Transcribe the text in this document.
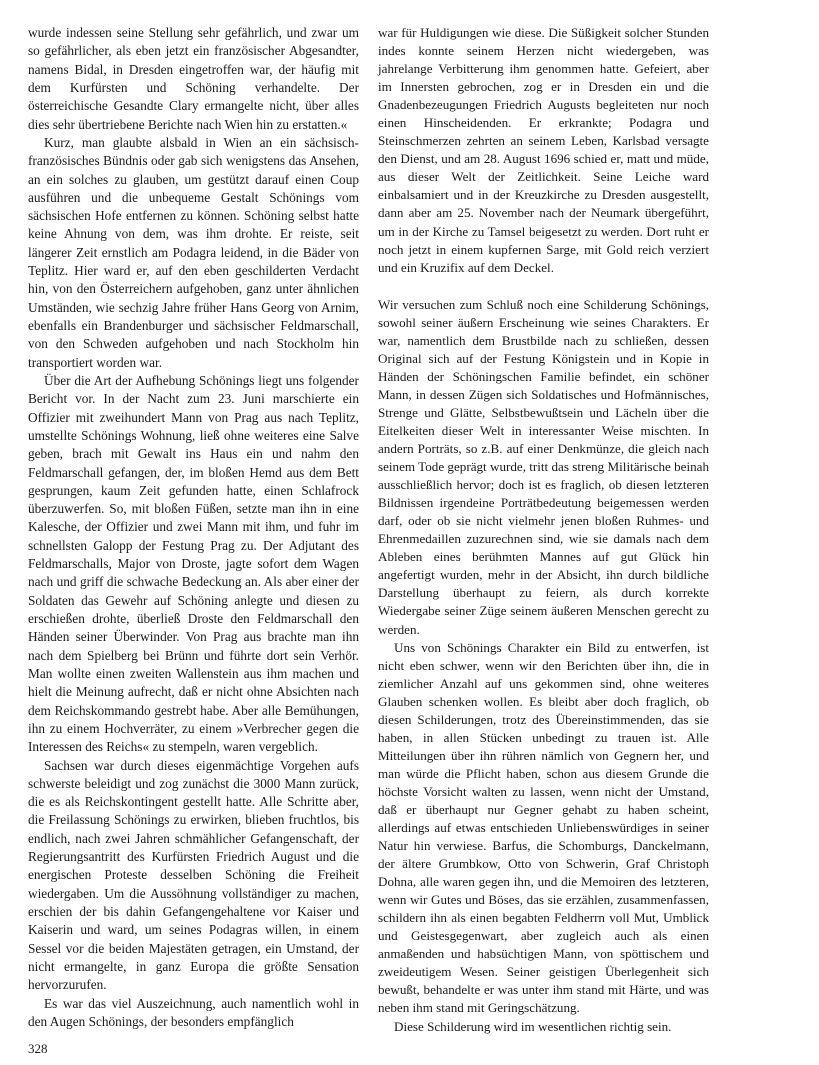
wurde indessen seine Stellung sehr gefährlich, und zwar um so gefährlicher, als eben jetzt ein französischer Abgesandter, namens Bidal, in Dresden eingetroffen war, der häufig mit dem Kurfürsten und Schöning verhandelte. Der österreichische Gesandte Clary ermangelte nicht, über alles dies sehr übertriebene Berichte nach Wien hin zu erstatten.«

Kurz, man glaubte alsbald in Wien an ein sächsisch-französisches Bündnis oder gab sich wenigstens das Ansehen, an ein solches zu glauben, um gestützt darauf einen Coup ausführen und die unbequeme Gestalt Schönings vom sächsischen Hofe entfernen zu können. Schöning selbst hatte keine Ahnung von dem, was ihm drohte. Er reiste, seit längerer Zeit ernstlich am Podagra leidend, in die Bäder von Teplitz. Hier ward er, auf den eben geschilderten Verdacht hin, von den Österreichern aufgehoben, ganz unter ähnlichen Umständen, wie sechzig Jahre früher Hans Georg von Arnim, ebenfalls ein Brandenburger und sächsischer Feldmarschall, von den Schweden aufgehoben und nach Stockholm hin transportiert worden war.

Über die Art der Aufhebung Schönings liegt uns folgender Bericht vor. In der Nacht zum 23. Juni marschierte ein Offizier mit zweihundert Mann von Prag aus nach Teplitz, umstellte Schönings Wohnung, ließ ohne weiteres eine Salve geben, brach mit Gewalt ins Haus ein und nahm den Feldmarschall gefangen, der, im bloßen Hemd aus dem Bett gesprungen, kaum Zeit gefunden hatte, einen Schlafrock überzuwerfen. So, mit bloßen Füßen, setzte man ihn in eine Kalesche, der Offizier und zwei Mann mit ihm, und fuhr im schnellsten Galopp der Festung Prag zu. Der Adjutant des Feldmarschalls, Major von Droste, jagte sofort dem Wagen nach und griff die schwache Bedeckung an. Als aber einer der Soldaten das Gewehr auf Schöning anlegte und diesen zu erschießen drohte, überließ Droste den Feldmarschall den Händen seiner Überwinder. Von Prag aus brachte man ihn nach dem Spielberg bei Brünn und führte dort sein Verhör. Man wollte einen zweiten Wallenstein aus ihm machen und hielt die Meinung aufrecht, daß er nicht ohne Absichten nach dem Reichskommando gestrebt habe. Aber alle Bemühungen, ihn zu einem Hochverräter, zu einem »Verbrecher gegen die Interessen des Reichs« zu stempeln, waren vergeblich.

Sachsen war durch dieses eigenmächtige Vorgehen aufs schwerste beleidigt und zog zunächst die 3000 Mann zurück, die es als Reichskontingent gestellt hatte. Alle Schritte aber, die Freilassung Schönings zu erwirken, blieben fruchtlos, bis endlich, nach zwei Jahren schmählicher Gefangenschaft, der Regierungsantritt des Kurfürsten Friedrich August und die energischen Proteste desselben Schöning die Freiheit wiedergaben. Um die Aussöhnung vollständiger zu machen, erschien der bis dahin Gefangengehaltene vor Kaiser und Kaiserin und ward, um seines Podagras willen, in einem Sessel vor die beiden Majestäten getragen, ein Umstand, der nicht ermangelte, in ganz Europa die größte Sensation hervorzurufen.

Es war das viel Auszeichnung, auch namentlich wohl in den Augen Schönings, der besonders empfänglich

war für Huldigungen wie diese. Die Süßigkeit solcher Stunden indes konnte seinem Herzen nicht wiedergeben, was jahrelange Verbitterung ihm genommen hatte. Gefeiert, aber im Innersten gebrochen, zog er in Dresden ein und die Gnadenbezeugungen Friedrich Augusts begleiteten nur noch einen Hinscheidenden. Er erkrankte; Podagra und Steinschmerzen zehrten an seinem Leben, Karlsbad versagte den Dienst, und am 28. August 1696 schied er, matt und müde, aus dieser Welt der Zeitlichkeit. Seine Leiche ward einbalsamiert und in der Kreuzkirche zu Dresden ausgestellt, dann aber am 25. November nach der Neumark übergeführt, um in der Kirche zu Tamsel beigesetzt zu werden. Dort ruht er noch jetzt in einem kupfernen Sarge, mit Gold reich verziert und ein Kruzifix auf dem Deckel.

Wir versuchen zum Schluß noch eine Schilderung Schönings, sowohl seiner äußern Erscheinung wie seines Charakters. Er war, namentlich dem Brustbilde nach zu schließen, dessen Original sich auf der Festung Königstein und in Kopie in Händen der Schöningschen Familie befindet, ein schöner Mann, in dessen Zügen sich Soldatisches und Hofmännisches, Strenge und Glätte, Selbstbewußtsein und Lächeln über die Eitelkeiten dieser Welt in interessanter Weise mischten. In andern Porträts, so z.B. auf einer Denkmünze, die gleich nach seinem Tode geprägt wurde, tritt das streng Militärische beinah ausschließlich hervor; doch ist es fraglich, ob diesen letzteren Bildnissen irgendeine Porträtbedeutung beigemessen werden darf, oder ob sie nicht vielmehr jenen bloßen Ruhmes- und Ehrenmedaillen zuzurechnen sind, wie sie damals nach dem Ableben eines berühmten Mannes auf gut Glück hin angefertigt wurden, mehr in der Absicht, ihn durch bildliche Darstellung überhaupt zu feiern, als durch korrekte Wiedergabe seiner Züge seinem äußeren Menschen gerecht zu werden.

Uns von Schönings Charakter ein Bild zu entwerfen, ist nicht eben schwer, wenn wir den Berichten über ihn, die in ziemlicher Anzahl auf uns gekommen sind, ohne weiteres Glauben schenken wollen. Es bleibt aber doch fraglich, ob diesen Schilderungen, trotz des Übereinstimmenden, das sie haben, in allen Stücken unbedingt zu trauen ist. Alle Mitteilungen über ihn rühren nämlich von Gegnern her, und man würde die Pflicht haben, schon aus diesem Grunde die höchste Vorsicht walten zu lassen, wenn nicht der Umstand, daß er überhaupt nur Gegner gehabt zu haben scheint, allerdings auf etwas entschieden Unliebenswürdiges in seiner Natur hin verwiese. Barfus, die Schomburgs, Danckelmann, der ältere Grumbkow, Otto von Schwerin, Graf Christoph Dohna, alle waren gegen ihn, und die Memoiren des letzteren, wenn wir Gutes und Böses, das sie erzählen, zusammenfassen, schildern ihn als einen begabten Feldherrn voll Mut, Umblick und Geistesgegenwart, aber zugleich auch als einen anmaßenden und habsüchtigen Mann, von spöttischem und zweideutigem Wesen. Seiner geistigen Überlegenheit sich bewußt, behandelte er was unter ihm stand mit Härte, und was neben ihm stand mit Geringschätzung.

Diese Schilderung wird im wesentlichen richtig sein.

328
